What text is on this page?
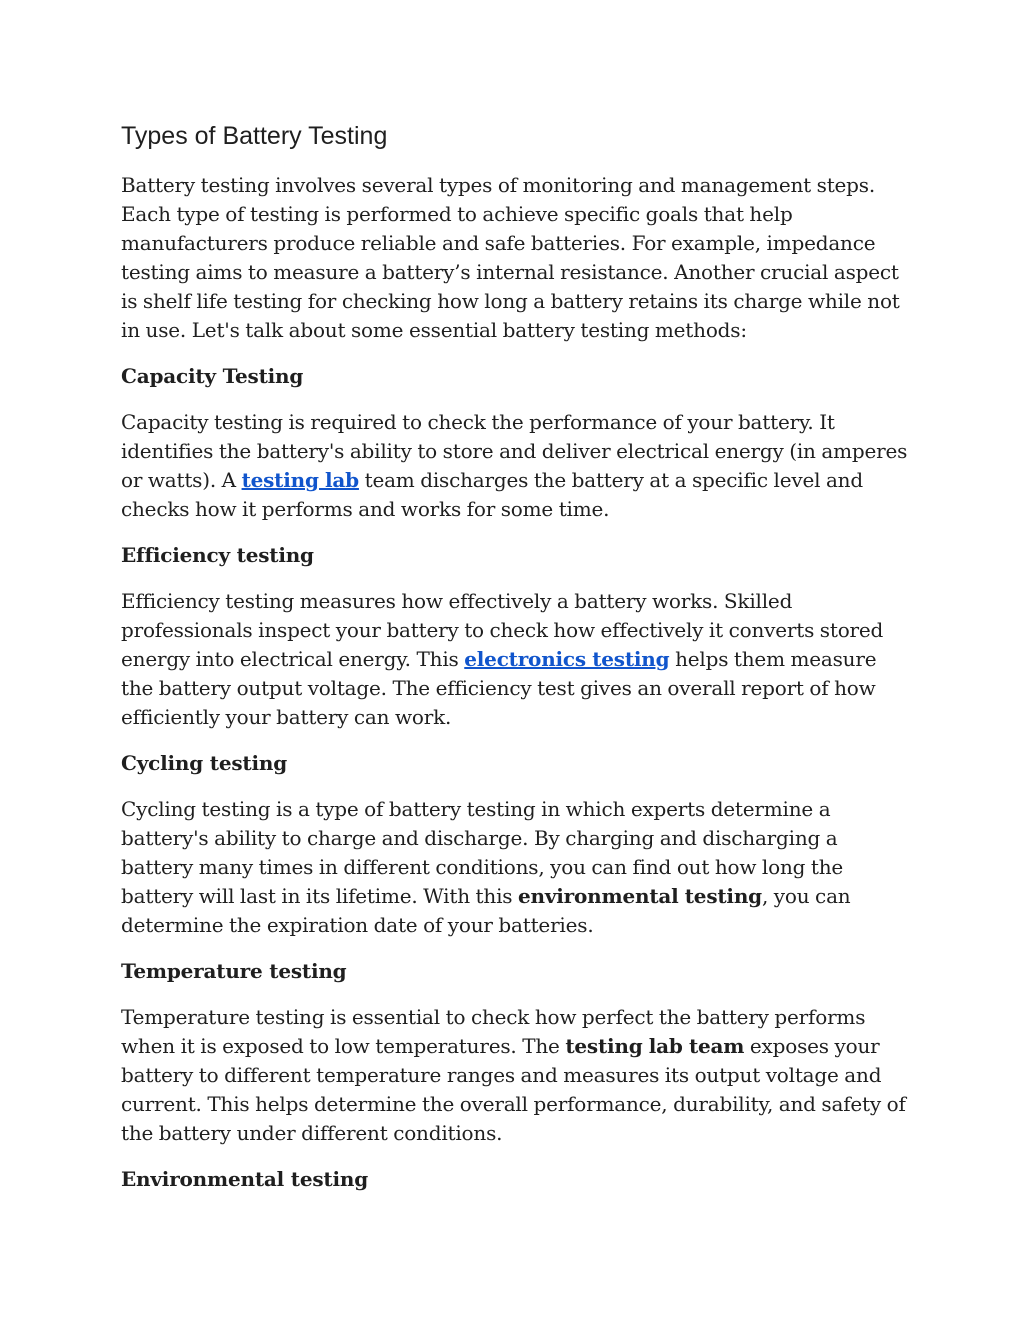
Types of Battery Testing

Battery testing involves several types of monitoring and management steps. Each type of testing is performed to achieve specific goals that help manufacturers produce reliable and safe batteries. For example, impedance testing aims to measure a battery’s internal resistance. Another crucial aspect is shelf life testing for checking how long a battery retains its charge while not in use. Let's talk about some essential battery testing methods:

Capacity Testing

Capacity testing is required to check the performance of your battery. It identifies the battery's ability to store and deliver electrical energy (in amperes or watts). A testing lab team discharges the battery at a specific level and checks how it performs and works for some time.

Efficiency testing

Efficiency testing measures how effectively a battery works. Skilled professionals inspect your battery to check how effectively it converts stored energy into electrical energy. This electronics testing helps them measure the battery output voltage. The efficiency test gives an overall report of how efficiently your battery can work.

Cycling testing

Cycling testing is a type of battery testing in which experts determine a battery's ability to charge and discharge. By charging and discharging a battery many times in different conditions, you can find out how long the battery will last in its lifetime. With this environmental testing, you can determine the expiration date of your batteries.

Temperature testing

Temperature testing is essential to check how perfect the battery performs when it is exposed to low temperatures. The testing lab team exposes your battery to different temperature ranges and measures its output voltage and current. This helps determine the overall performance, durability, and safety of the battery under different conditions.

Environmental testing
